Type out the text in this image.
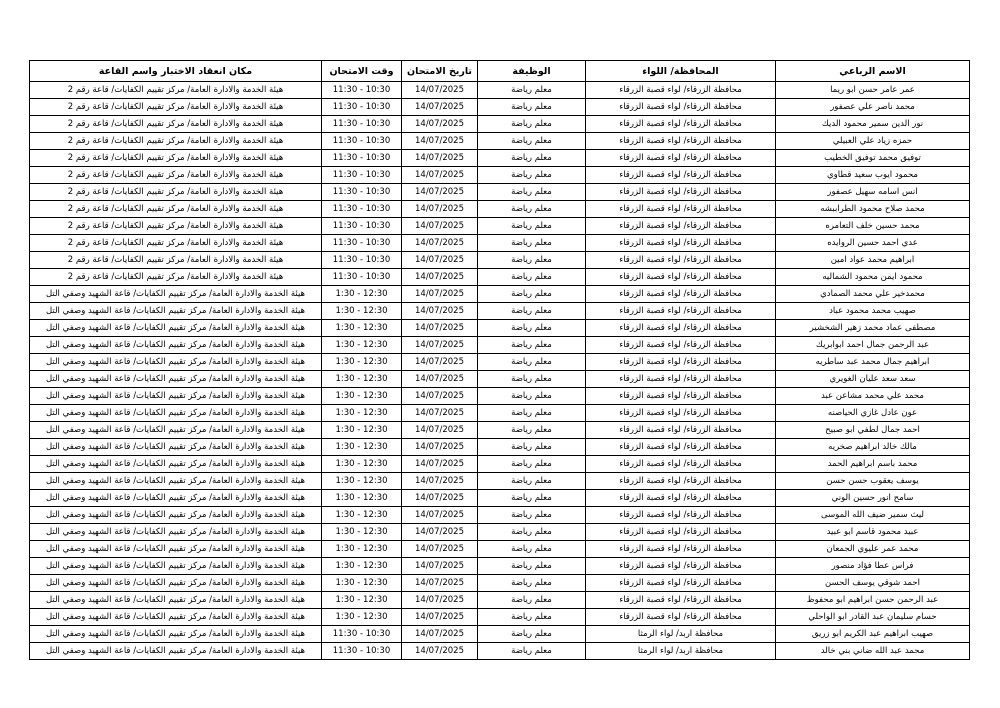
الاسم الرباعي	المحافظة/ اللواء	الوظيفة	تاريخ الامتحان	وقت الامتحان	مكان انعقاد الاختبار واسم القاعة
عمر عامر حسن ابو ريما	محافظة الزرقاء/ لواء قصبة الزرقاء	معلم رياضة	14/07/2025	10:30 - 11:30	هيئة الخدمة والادارة العامة/ مركز تقييم الكفايات/ قاعة رقم 2
محمد ناصر علي عصفور	محافظة الزرقاء/ لواء قصبة الزرقاء	معلم رياضة	14/07/2025	10:30 - 11:30	هيئة الخدمة والادارة العامة/ مركز تقييم الكفايات/ قاعة رقم 2
نور الدين سمير محمود الديك	محافظة الزرقاء/ لواء قصبة الزرقاء	معلم رياضة	14/07/2025	10:30 - 11:30	هيئة الخدمة والادارة العامة/ مركز تقييم الكفايات/ قاعة رقم 2
حمزه زياد علي العبيلي	محافظة الزرقاء/ لواء قصبة الزرقاء	معلم رياضة	14/07/2025	10:30 - 11:30	هيئة الخدمة والادارة العامة/ مركز تقييم الكفايات/ قاعة رقم 2
توفيق محمد توفيق الخطيب	محافظة الزرقاء/ لواء قصبة الزرقاء	معلم رياضة	14/07/2025	10:30 - 11:30	هيئة الخدمة والادارة العامة/ مركز تقييم الكفايات/ قاعة رقم 2
محمود ايوب سعيد قطاوي	محافظة الزرقاء/ لواء قصبة الزرقاء	معلم رياضة	14/07/2025	10:30 - 11:30	هيئة الخدمة والادارة العامة/ مركز تقييم الكفايات/ قاعة رقم 2
انس اسامه سهيل عصفور	محافظة الزرقاء/ لواء قصبة الزرقاء	معلم رياضة	14/07/2025	10:30 - 11:30	هيئة الخدمة والادارة العامة/ مركز تقييم الكفايات/ قاعة رقم 2
محمد صلاح محمود الطراببشه	محافظة الزرقاء/ لواء قصبة الزرقاء	معلم رياضة	14/07/2025	10:30 - 11:30	هيئة الخدمة والادارة العامة/ مركز تقييم الكفايات/ قاعة رقم 2
محمد حسين خلف التعامره	محافظة الزرقاء/ لواء قصبة الزرقاء	معلم رياضة	14/07/2025	10:30 - 11:30	هيئة الخدمة والادارة العامة/ مركز تقييم الكفايات/ قاعة رقم 2
عدي احمد حسين الروايده	محافظة الزرقاء/ لواء قصبة الزرقاء	معلم رياضة	14/07/2025	10:30 - 11:30	هيئة الخدمة والادارة العامة/ مركز تقييم الكفايات/ قاعة رقم 2
ابراهيم محمد عواد امين	محافظة الزرقاء/ لواء قصبة الزرقاء	معلم رياضة	14/07/2025	10:30 - 11:30	هيئة الخدمة والادارة العامة/ مركز تقييم الكفايات/ قاعة رقم 2
محمود ايمن محمود الشماليه	محافظة الزرقاء/ لواء قصبة الزرقاء	معلم رياضة	14/07/2025	10:30 - 11:30	هيئة الخدمة والادارة العامة/ مركز تقييم الكفايات/ قاعة رقم 2
محمدخير علي محمد الصمادي	محافظة الزرقاء/ لواء قصبة الزرقاء	معلم رياضة	14/07/2025	12:30 - 1:30	هيئة الخدمة والادارة العامة/ مركز تقييم الكفايات/ قاعة الشهيد وصفي التل
صهيب محمد محمود عباد	محافظة الزرقاء/ لواء قصبة الزرقاء	معلم رياضة	14/07/2025	12:30 - 1:30	هيئة الخدمة والادارة العامة/ مركز تقييم الكفايات/ قاعة الشهيد وصفي التل
مصطفى عماد محمد زهير الشخشير	محافظة الزرقاء/ لواء قصبة الزرقاء	معلم رياضة	14/07/2025	12:30 - 1:30	هيئة الخدمة والادارة العامة/ مركز تقييم الكفايات/ قاعة الشهيد وصفي التل
عبد الرحمن جمال احمد ابوابريك	محافظة الزرقاء/ لواء قصبة الزرقاء	معلم رياضة	14/07/2025	12:30 - 1:30	هيئة الخدمة والادارة العامة/ مركز تقييم الكفايات/ قاعة الشهيد وصفي التل
ابراهيم جمال محمد عبد ساطريه	محافظة الزرقاء/ لواء قصبة الزرقاء	معلم رياضة	14/07/2025	12:30 - 1:30	هيئة الخدمة والادارة العامة/ مركز تقييم الكفايات/ قاعة الشهيد وصفي التل
سعد سعد عليان الغويري	محافظة الزرقاء/ لواء قصبة الزرقاء	معلم رياضة	14/07/2025	12:30 - 1:30	هيئة الخدمة والادارة العامة/ مركز تقييم الكفايات/ قاعة الشهيد وصفي التل
محمد علي محمد مشاعن عبد	محافظة الزرقاء/ لواء قصبة الزرقاء	معلم رياضة	14/07/2025	12:30 - 1:30	هيئة الخدمة والادارة العامة/ مركز تقييم الكفايات/ قاعة الشهيد وصفي التل
عون عادل غازي الحياصنه	محافظة الزرقاء/ لواء قصبة الزرقاء	معلم رياضة	14/07/2025	12:30 - 1:30	هيئة الخدمة والادارة العامة/ مركز تقييم الكفايات/ قاعة الشهيد وصفي التل
احمد جمال لطفي ابو صبيح	محافظة الزرقاء/ لواء قصبة الزرقاء	معلم رياضة	14/07/2025	12:30 - 1:30	هيئة الخدمة والادارة العامة/ مركز تقييم الكفايات/ قاعة الشهيد وصفي التل
مالك خالد ابراهيم صخريه	محافظة الزرقاء/ لواء قصبة الزرقاء	معلم رياضة	14/07/2025	12:30 - 1:30	هيئة الخدمة والادارة العامة/ مركز تقييم الكفايات/ قاعة الشهيد وصفي التل
محمد باسم ابراهيم الحمد	محافظة الزرقاء/ لواء قصبة الزرقاء	معلم رياضة	14/07/2025	12:30 - 1:30	هيئة الخدمة والادارة العامة/ مركز تقييم الكفايات/ قاعة الشهيد وصفي التل
يوسف يعقوب حسن حسن	محافظة الزرقاء/ لواء قصبة الزرقاء	معلم رياضة	14/07/2025	12:30 - 1:30	هيئة الخدمة والادارة العامة/ مركز تقييم الكفايات/ قاعة الشهيد وصفي التل
سامح انور حسين الوني	محافظة الزرقاء/ لواء قصبة الزرقاء	معلم رياضة	14/07/2025	12:30 - 1:30	هيئة الخدمة والادارة العامة/ مركز تقييم الكفايات/ قاعة الشهيد وصفي التل
ليث سمير ضيف الله الموسى	محافظة الزرقاء/ لواء قصبة الزرقاء	معلم رياضة	14/07/2025	12:30 - 1:30	هيئة الخدمة والادارة العامة/ مركز تقييم الكفايات/ قاعة الشهيد وصفي التل
عبيد محمود قاسم ابو عبيد	محافظة الزرقاء/ لواء قصبة الزرقاء	معلم رياضة	14/07/2025	12:30 - 1:30	هيئة الخدمة والادارة العامة/ مركز تقييم الكفايات/ قاعة الشهيد وصفي التل
محمد عمر عليوي الجمعان	محافظة الزرقاء/ لواء قصبة الزرقاء	معلم رياضة	14/07/2025	12:30 - 1:30	هيئة الخدمة والادارة العامة/ مركز تقييم الكفايات/ قاعة الشهيد وصفي التل
فراس عطا فؤاد منصور	محافظة الزرقاء/ لواء قصبة الزرقاء	معلم رياضة	14/07/2025	12:30 - 1:30	هيئة الخدمة والادارة العامة/ مركز تقييم الكفايات/ قاعة الشهيد وصفي التل
احمد شوقي يوسف الحسن	محافظة الزرقاء/ لواء قصبة الزرقاء	معلم رياضة	14/07/2025	12:30 - 1:30	هيئة الخدمة والادارة العامة/ مركز تقييم الكفايات/ قاعة الشهيد وصفي التل
عبد الرحمن حسن ابراهيم ابو محفوظ	محافظة الزرقاء/ لواء قصبة الزرقاء	معلم رياضة	14/07/2025	12:30 - 1:30	هيئة الخدمة والادارة العامة/ مركز تقييم الكفايات/ قاعة الشهيد وصفي التل
حسام سليمان عبد القادر ابو الواحلي	محافظة الزرقاء/ لواء قصبة الزرقاء	معلم رياضة	14/07/2025	12:30 - 1:30	هيئة الخدمة والادارة العامة/ مركز تقييم الكفايات/ قاعة الشهيد وصفي التل
صهيب ابراهيم عبد الكريم ابو زريق	محافظة اربد/ لواء الرمثا	معلم رياضة	14/07/2025	10:30 - 11:30	هيئة الخدمة والادارة العامة/ مركز تقييم الكفايات/ قاعة الشهيد وصفي التل
محمد عبد الله ضاني بني خالد	محافظة اربد/ لواء الرمثا	معلم رياضة	14/07/2025	10:30 - 11:30	هيئة الخدمة والادارة العامة/ مركز تقييم الكفايات/ قاعة الشهيد وصفي التل
